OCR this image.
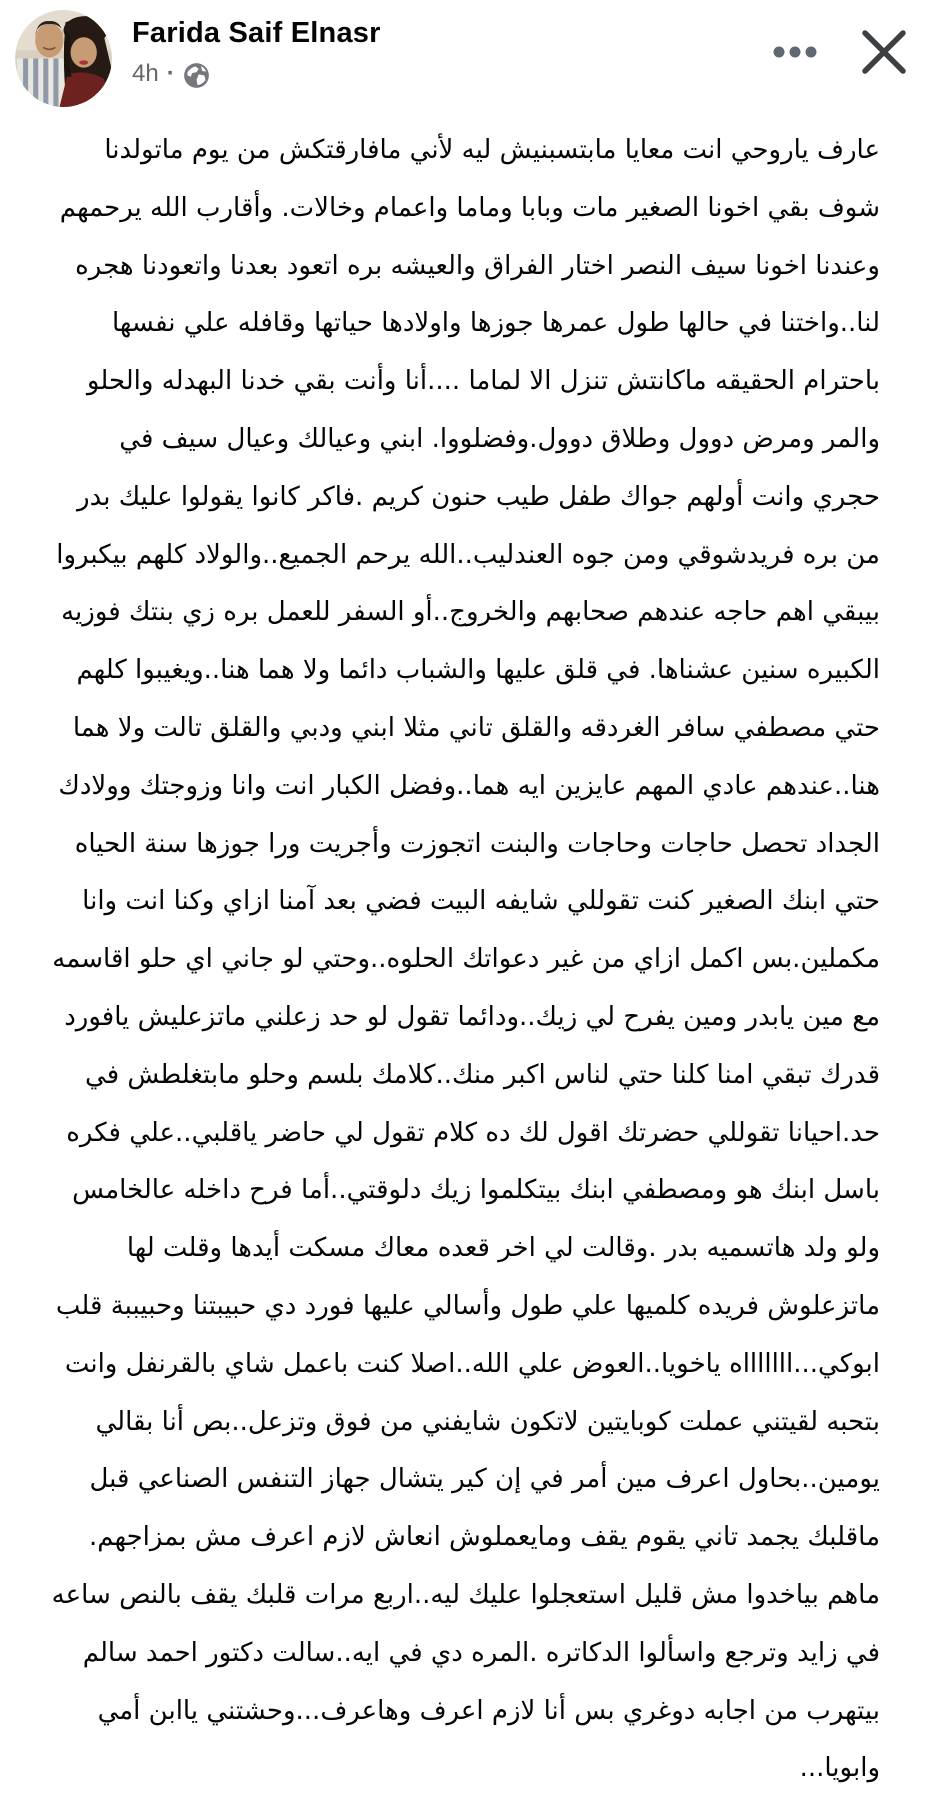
Farida Saif Elnasr
4h ·
عارف ياروحي انت معايا مابتسبنيش ليه لأني مافارقتكش من يوم ماتولدنا
شوف بقي اخونا الصغير مات وبابا وماما واعمام وخالات. وأقارب الله يرحمهم
وعندنا اخونا سيف النصر اختار الفراق والعيشه بره اتعود بعدنا واتعودنا هجره
لنا..واختنا في حالها طول عمرها جوزها واولادها حياتها وقافله علي نفسها
باحترام الحقيقه ماكانتش تنزل الا لماما ....أنا وأنت بقي خدنا البهدله والحلو
والمر ومرض دوول وطلاق دوول.وفضلووا. ابني وعيالك وعيال سيف في
حجري وانت أولهم جواك طفل طيب حنون كريم .فاكر كانوا يقولوا عليك بدر
من بره فريدشوقي ومن جوه العندليب..الله يرحم الجميع..والولاد كلهم بيكبروا
بيبقي اهم حاجه عندهم صحابهم والخروج..أو السفر للعمل بره زي بنتك فوزيه
الكبيره سنين عشناها. في قلق عليها والشباب دائما ولا هما هنا..ويغيبوا كلهم
حتي مصطفي سافر الغردقه والقلق تاني مثلا ابني ودبي والقلق تالت ولا هما
هنا..عندهم عادي المهم عايزين ايه هما..وفضل الكبار انت وانا وزوجتك وولادك
الجداد تحصل حاجات وحاجات والبنت اتجوزت وأجريت ورا جوزها سنة الحياه
حتي ابنك الصغير كنت تقوللي شايفه البيت فضي بعد آمنا ازاي وكنا انت وانا
مكملين.بس اكمل ازاي من غير دعواتك الحلوه..وحتي لو جاني اي حلو اقاسمه
مع مين يابدر ومين يفرح لي زيك..ودائما تقول لو حد زعلني ماتزعليش يافورد
قدرك تبقي امنا كلنا حتي لناس اكبر منك..كلامك بلسم وحلو مابتغلطش في
حد.احيانا تقوللي حضرتك اقول لك ده كلام تقول لي حاضر ياقلبي..علي فكره
باسل ابنك هو ومصطفي ابنك بيتكلموا زيك دلوقتي..أما فرح داخله عالخامس
ولو ولد هاتسميه بدر .وقالت لي اخر قعده معاك مسكت أيدها وقلت لها
ماتزعلوش فريده كلميها علي طول وأسالي عليها فورد دي حبيبتنا وحبيببة قلب
ابوكي...اااااااه ياخويا..العوض علي الله..اصلا كنت باعمل شاي بالقرنفل وانت
بتحبه لقيتني عملت كوبايتين لاتكون شايفني من فوق وتزعل..بص أنا بقالي
يومين..بحاول اعرف مين أمر في إن كير يتشال جهاز التنفس الصناعي قبل
ماقلبك يجمد تاني يقوم يقف ومايعملوش انعاش لازم اعرف مش بمزاجهم.
ماهم بياخدوا مش قليل استعجلوا عليك ليه..اربع مرات قلبك يقف بالنص ساعه
في زايد وترجع واسألوا الدكاتره .المره دي في ايه..سالت دكتور احمد سالم
بيتهرب من اجابه دوغري بس أنا لازم اعرف وهاعرف...وحشتني ياابن أمي
وابويا...
